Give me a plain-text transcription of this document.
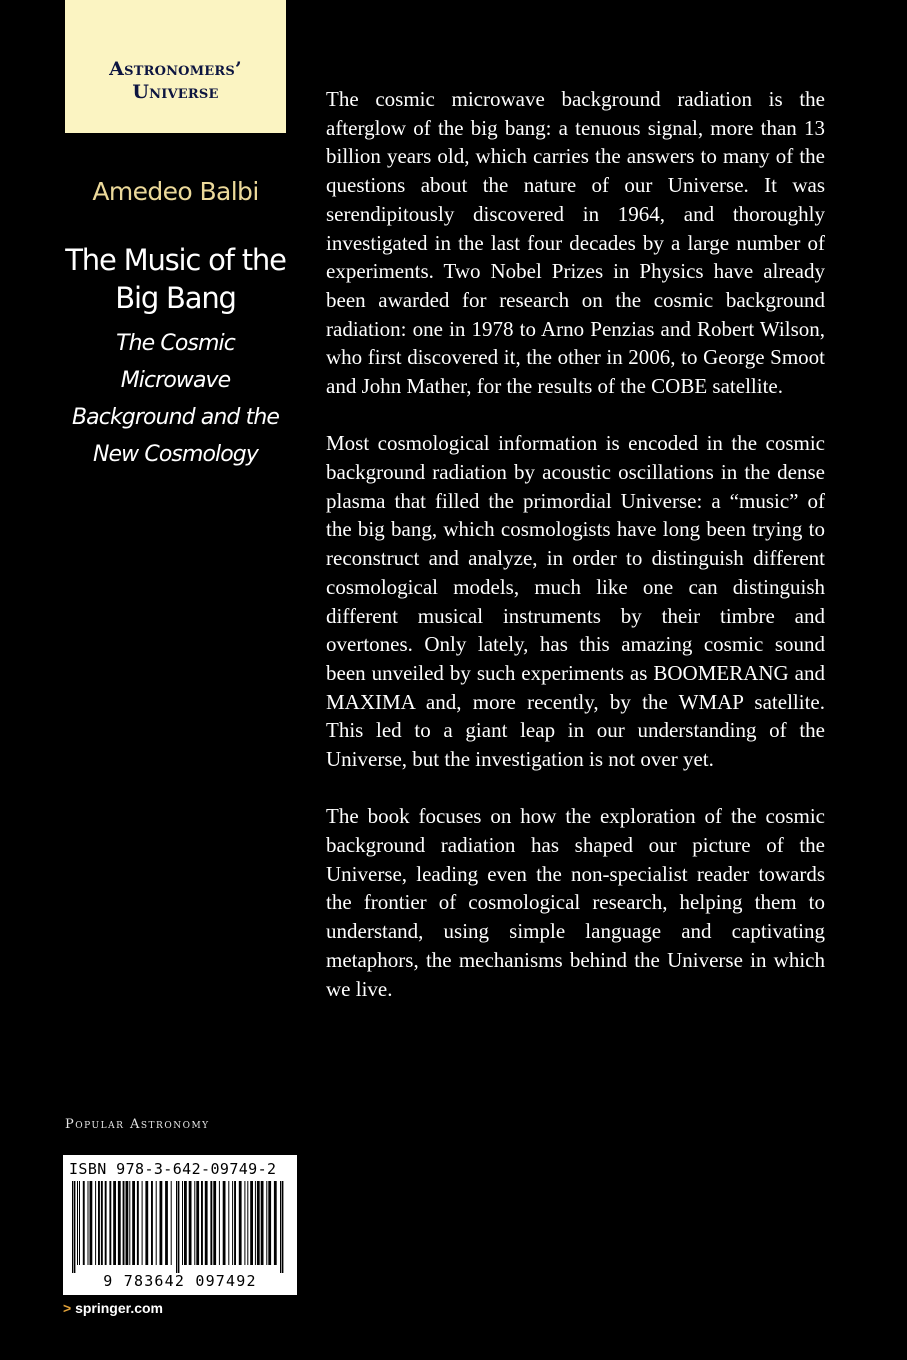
Astronomers’
Universe
Amedeo Balbi
The Music of the
Big Bang
The Cosmic Microwave
Background and the
New Cosmology

The cosmic microwave background radiation is the afterglow of the big bang: a tenuous signal, more than 13 billion years old, which carries the answers to many of the questions about the nature of our Universe. It was serendipitously discovered in 1964, and thoroughly investigated in the last four decades by a large number of experiments. Two Nobel Prizes in Physics have already been awarded for research on the cosmic background radiation: one in 1978 to Arno Penzias and Robert Wilson, who first discovered it, the other in 2006, to George Smoot and John Mather, for the results of the COBE satellite.

Most cosmological information is encoded in the cosmic background radiation by acoustic oscillations in the dense plasma that filled the primordial Universe: a “music” of the big bang, which cosmologists have long been trying to reconstruct and analyze, in order to distinguish different cosmological models, much like one can distinguish different musical instruments by their timbre and overtones. Only lately, has this amazing cosmic sound been unveiled by such experiments as BOOMERANG and MAXIMA and, more recently, by the WMAP satellite. This led to a giant leap in our understanding of the Universe, but the investigation is not over yet.

The book focuses on how the exploration of the cosmic background radiation has shaped our picture of the Universe, leading even the non-specialist reader towards the frontier of cosmological research, helping them to understand, using simple language and captivating metaphors, the mechanisms behind the Universe in which we live.

Popular Astronomy
ISBN 978-3-642-09749-2
9 783642 097492
> springer.com
